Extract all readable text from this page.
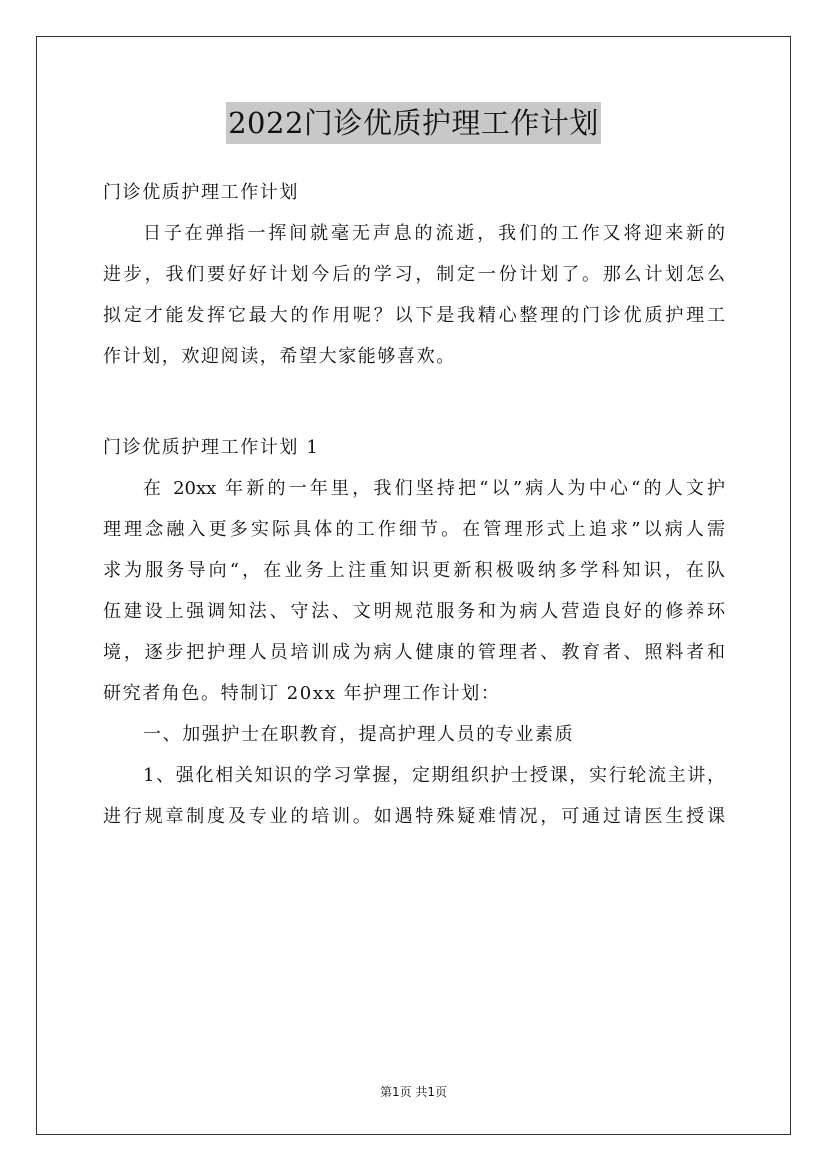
2022门诊优质护理工作计划
门诊优质护理工作计划
日子在弹指一挥间就毫无声息的流逝，我们的工作又将迎来新的
进步，我们要好好计划今后的学习，制定一份计划了。那么计划怎么
拟定才能发挥它最大的作用呢？以下是我精心整理的门诊优质护理工
作计划，欢迎阅读，希望大家能够喜欢。
门诊优质护理工作计划 1
在 20xx 年新的一年里，我们坚持把“以”病人为中心“的人文护
理理念融入更多实际具体的工作细节。在管理形式上追求”以病人需
求为服务导向“，在业务上注重知识更新积极吸纳多学科知识，在队
伍建设上强调知法、守法、文明规范服务和为病人营造良好的修养环
境，逐步把护理人员培训成为病人健康的管理者、教育者、照料者和
研究者角色。特制订 20xx 年护理工作计划：
一、加强护士在职教育，提高护理人员的专业素质
1、强化相关知识的学习掌握，定期组织护士授课，实行轮流主讲，
进行规章制度及专业的培训。如遇特殊疑难情况，可通过请医生授课
第1页 共1页
